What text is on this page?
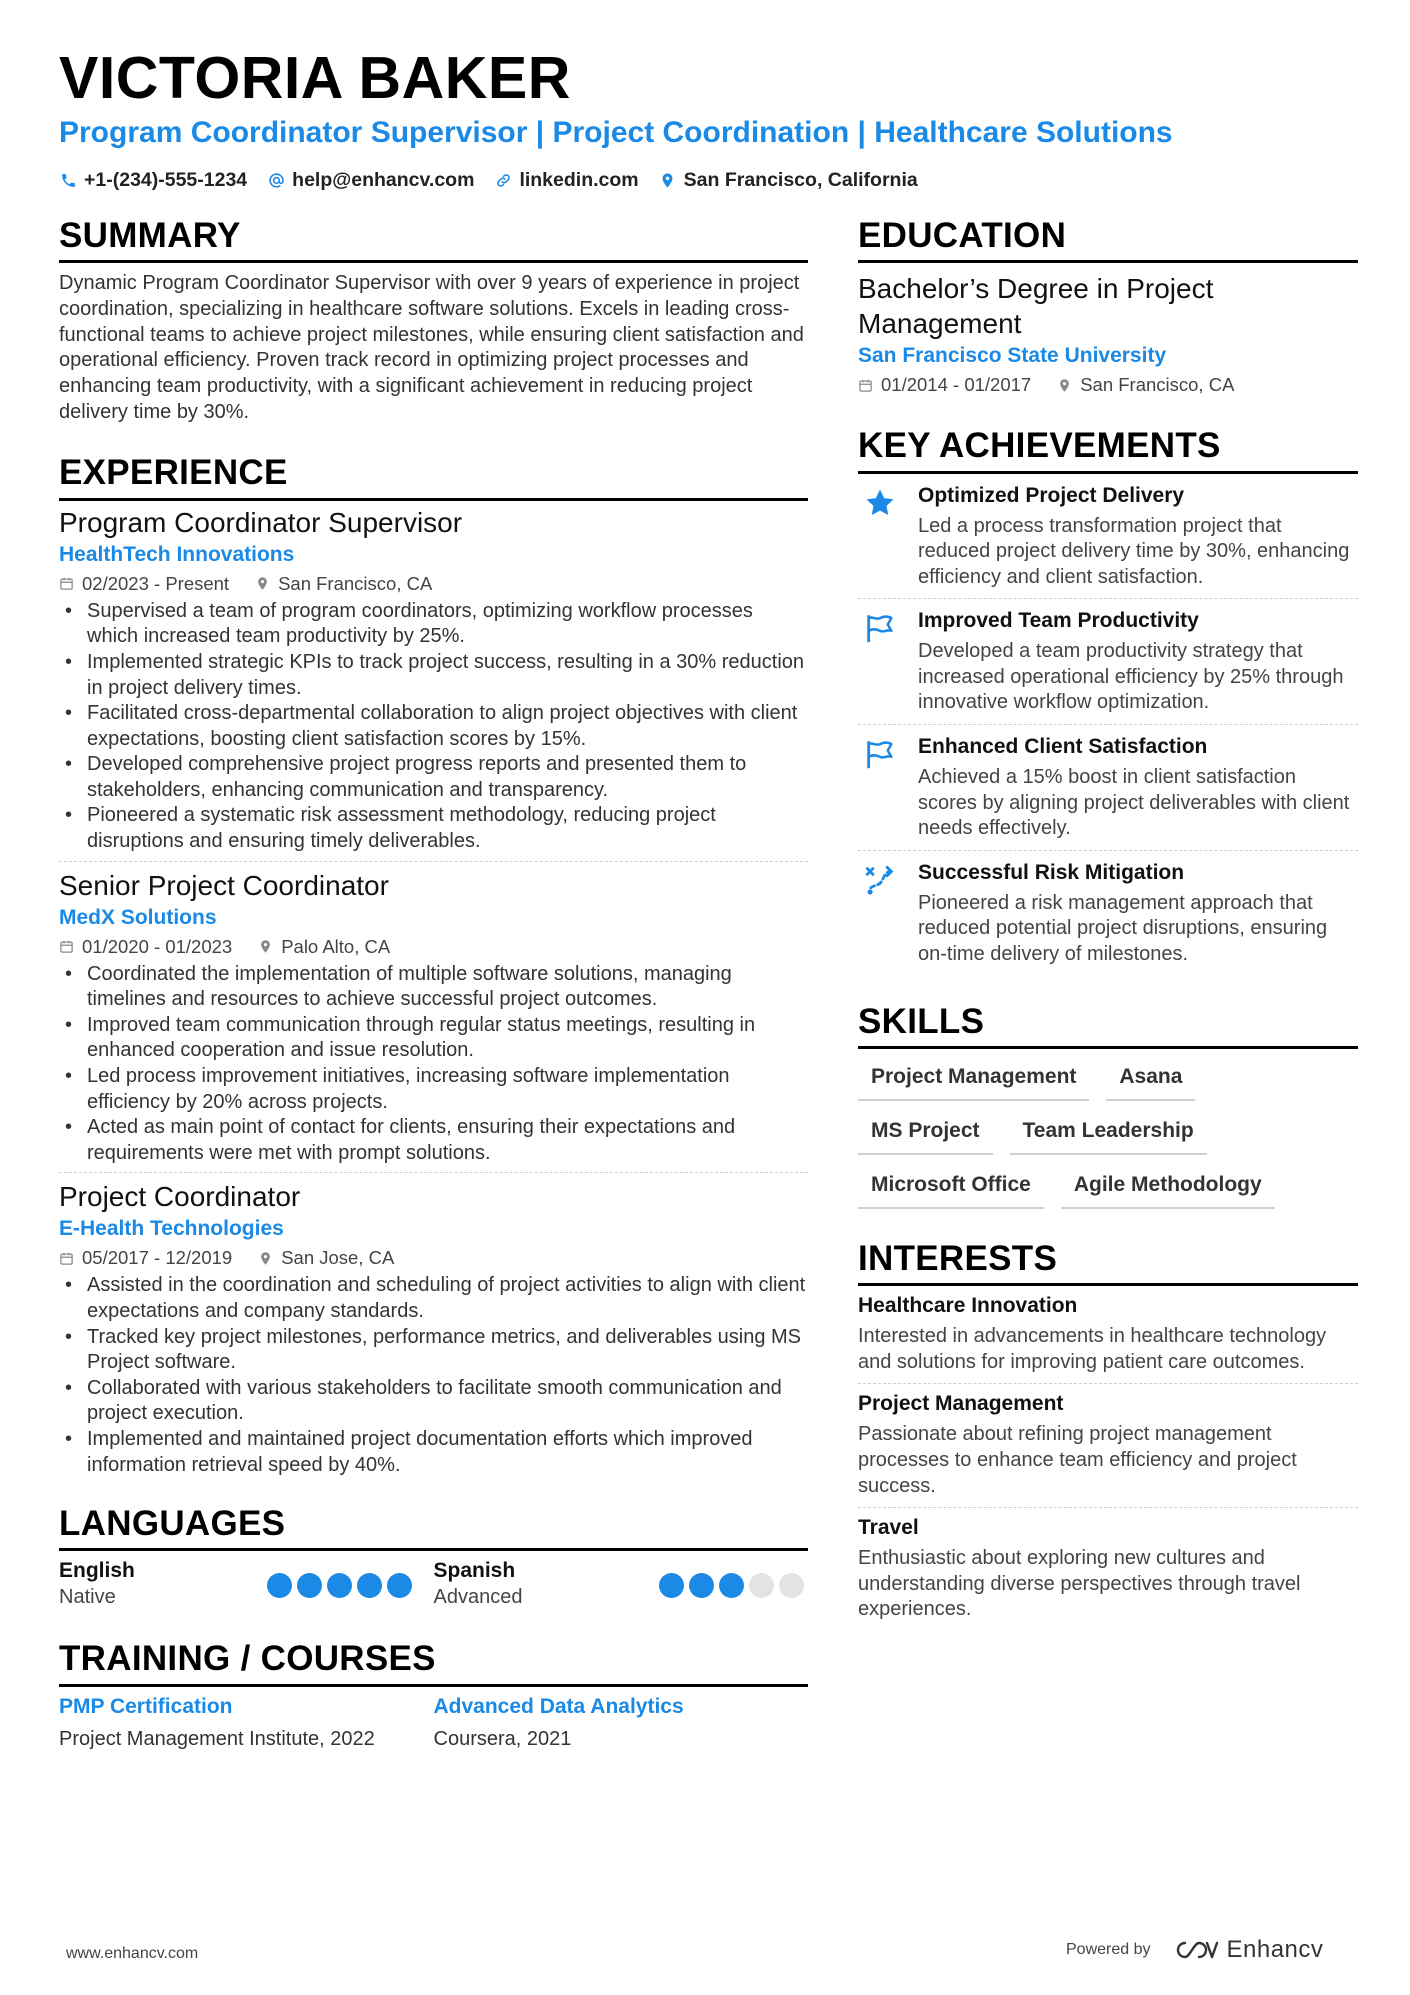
VICTORIA BAKER
Program Coordinator Supervisor | Project Coordination | Healthcare Solutions
+1-(234)-555-1234 help@enhancv.com linkedin.com San Francisco, California
SUMMARY

Dynamic Program Coordinator Supervisor with over 9 years of experience in project coordination, specializing in healthcare software solutions. Excels in leading cross-functional teams to achieve project milestones, while ensuring client satisfaction and operational efficiency. Proven track record in optimizing project processes and enhancing team productivity, with a significant achievement in reducing project delivery time by 30%.

EXPERIENCE
Program Coordinator Supervisor
HealthTech Innovations
02/2023 - Present	San Francisco, CA
• Supervised a team of program coordinators, optimizing workflow processes which increased team productivity by 25%.
• Implemented strategic KPIs to track project success, resulting in a 30% reduction in project delivery times.
• Facilitated cross-departmental collaboration to align project objectives with client expectations, boosting client satisfaction scores by 15%.
• Developed comprehensive project progress reports and presented them to stakeholders, enhancing communication and transparency.
• Pioneered a systematic risk assessment methodology, reducing project disruptions and ensuring timely deliverables.
Senior Project Coordinator
MedX Solutions
01/2020 - 01/2023	Palo Alto, CA
• Coordinated the implementation of multiple software solutions, managing timelines and resources to achieve successful project outcomes.
• Improved team communication through regular status meetings, resulting in enhanced cooperation and issue resolution.
• Led process improvement initiatives, increasing software implementation efficiency by 20% across projects.
• Acted as main point of contact for clients, ensuring their expectations and requirements were met with prompt solutions.
Project Coordinator
E-Health Technologies
05/2017 - 12/2019	San Jose, CA
• Assisted in the coordination and scheduling of project activities to align with client expectations and company standards.
• Tracked key project milestones, performance metrics, and deliverables using MS Project software.
• Collaborated with various stakeholders to facilitate smooth communication and project execution.
• Implemented and maintained project documentation efforts which improved information retrieval speed by 40%.
LANGUAGES
English
Native
Spanish
Advanced
TRAINING / COURSES
PMP Certification
Project Management Institute, 2022
Advanced Data Analytics
Coursera, 2021
EDUCATION
Bachelor’s Degree in Project Management
San Francisco State University
01/2014 - 01/2017	San Francisco, CA
KEY ACHIEVEMENTS
Optimized Project Delivery
Led a process transformation project that reduced project delivery time by 30%, enhancing efficiency and client satisfaction.
Improved Team Productivity
Developed a team productivity strategy that increased operational efficiency by 25% through innovative workflow optimization.
Enhanced Client Satisfaction
Achieved a 15% boost in client satisfaction scores by aligning project deliverables with client needs effectively.
Successful Risk Mitigation
Pioneered a risk management approach that reduced potential project disruptions, ensuring on-time delivery of milestones.
SKILLS
Project Management	Asana
MS Project	Team Leadership
Microsoft Office	Agile Methodology
INTERESTS
Healthcare Innovation
Interested in advancements in healthcare technology and solutions for improving patient care outcomes.
Project Management
Passionate about refining project management processes to enhance team efficiency and project success.
Travel
Enthusiastic about exploring new cultures and understanding diverse perspectives through travel experiences.
www.enhancv.com	Powered by	Enhancv
